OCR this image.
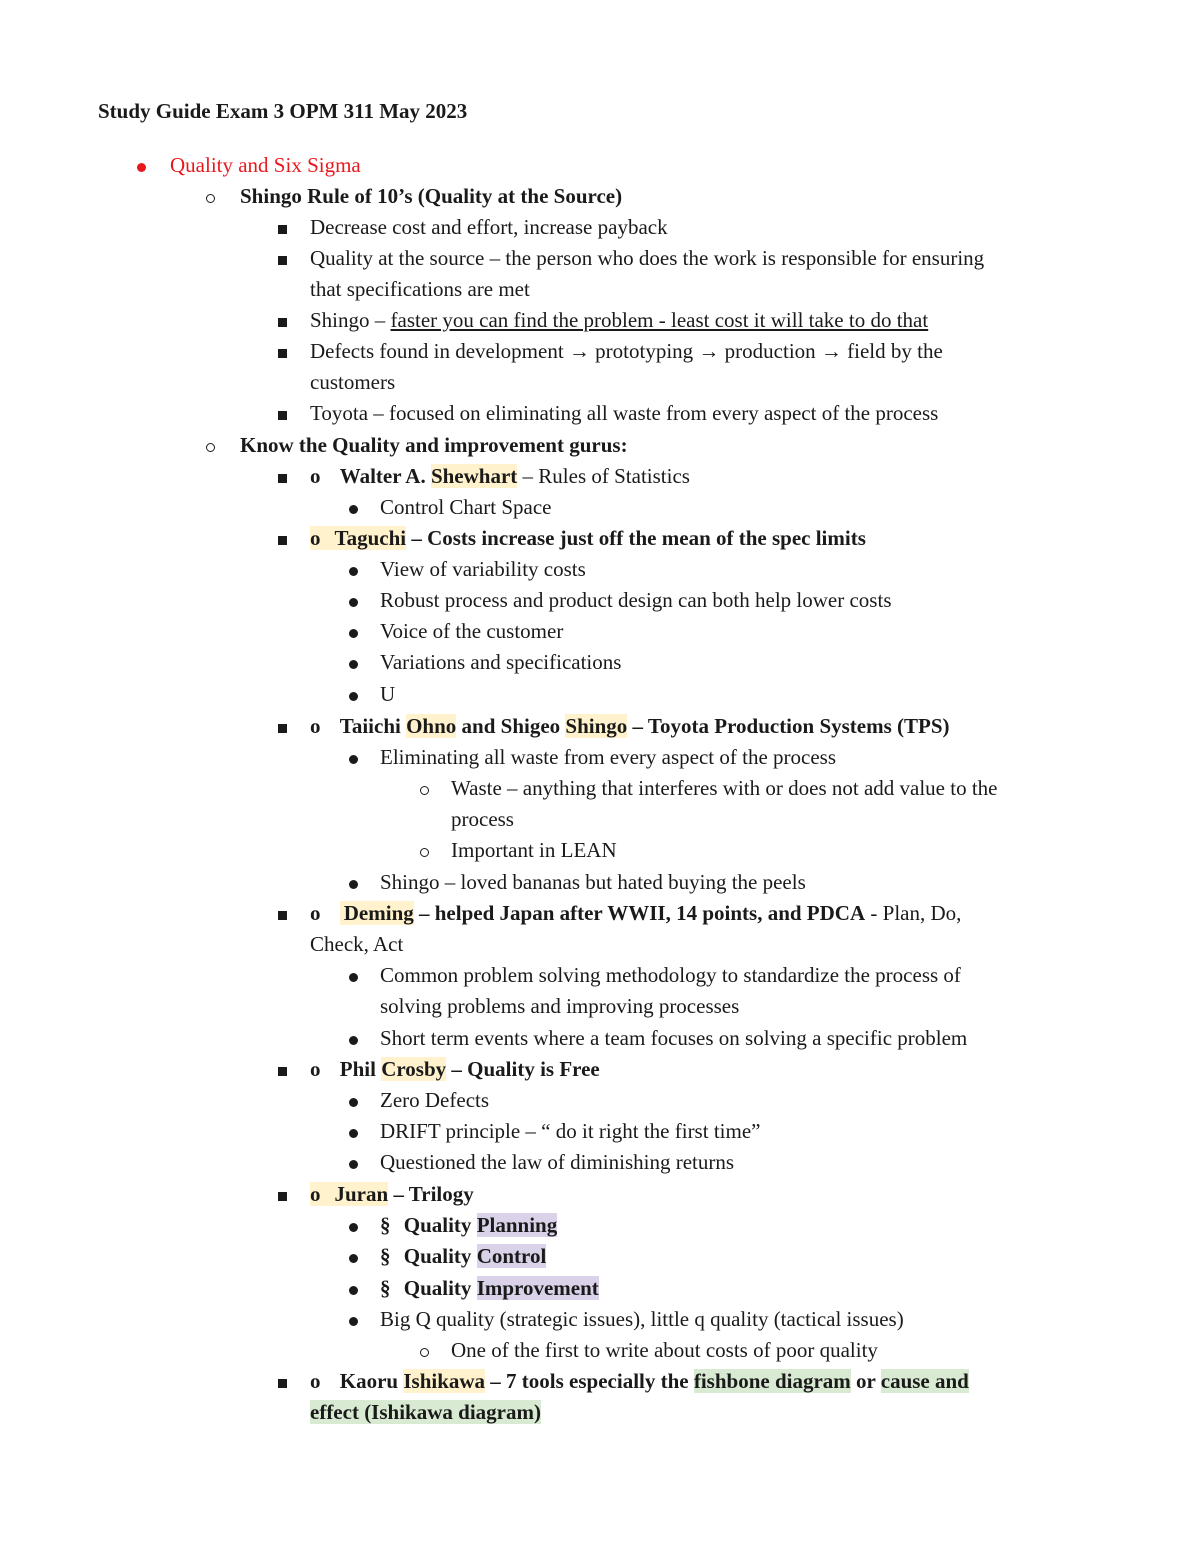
Study Guide Exam 3 OPM 311 May 2023
Quality and Six Sigma
Shingo Rule of 10’s (Quality at the Source)
Decrease cost and effort, increase payback
Quality at the source – the person who does the work is responsible for ensuring
that specifications are met
Shingo – faster you can find the problem - least cost it will take to do that
Defects found in development → prototyping → production → field by the
customers
Toyota – focused on eliminating all waste from every aspect of the process
Know the Quality and improvement gurus:
o Walter A. Shewhart – Rules of Statistics
Control Chart Space
o Taguchi – Costs increase just off the mean of the spec limits
View of variability costs
Robust process and product design can both help lower costs
Voice of the customer
Variations and specifications
U
o Taiichi Ohno and Shigeo Shingo – Toyota Production Systems (TPS)
Eliminating all waste from every aspect of the process
Waste – anything that interferes with or does not add value to the
process
Important in LEAN
Shingo – loved bananas but hated buying the peels
o Deming – helped Japan after WWII, 14 points, and PDCA - Plan, Do,
Check, Act
Common problem solving methodology to standardize the process of
solving problems and improving processes
Short term events where a team focuses on solving a specific problem
o Phil Crosby – Quality is Free
Zero Defects
DRIFT principle – “ do it right the first time”
Questioned the law of diminishing returns
o Juran – Trilogy
§ Quality Planning
§ Quality Control
§ Quality Improvement
Big Q quality (strategic issues), little q quality (tactical issues)
One of the first to write about costs of poor quality
o Kaoru Ishikawa – 7 tools especially the fishbone diagram or cause and
effect (Ishikawa diagram)
